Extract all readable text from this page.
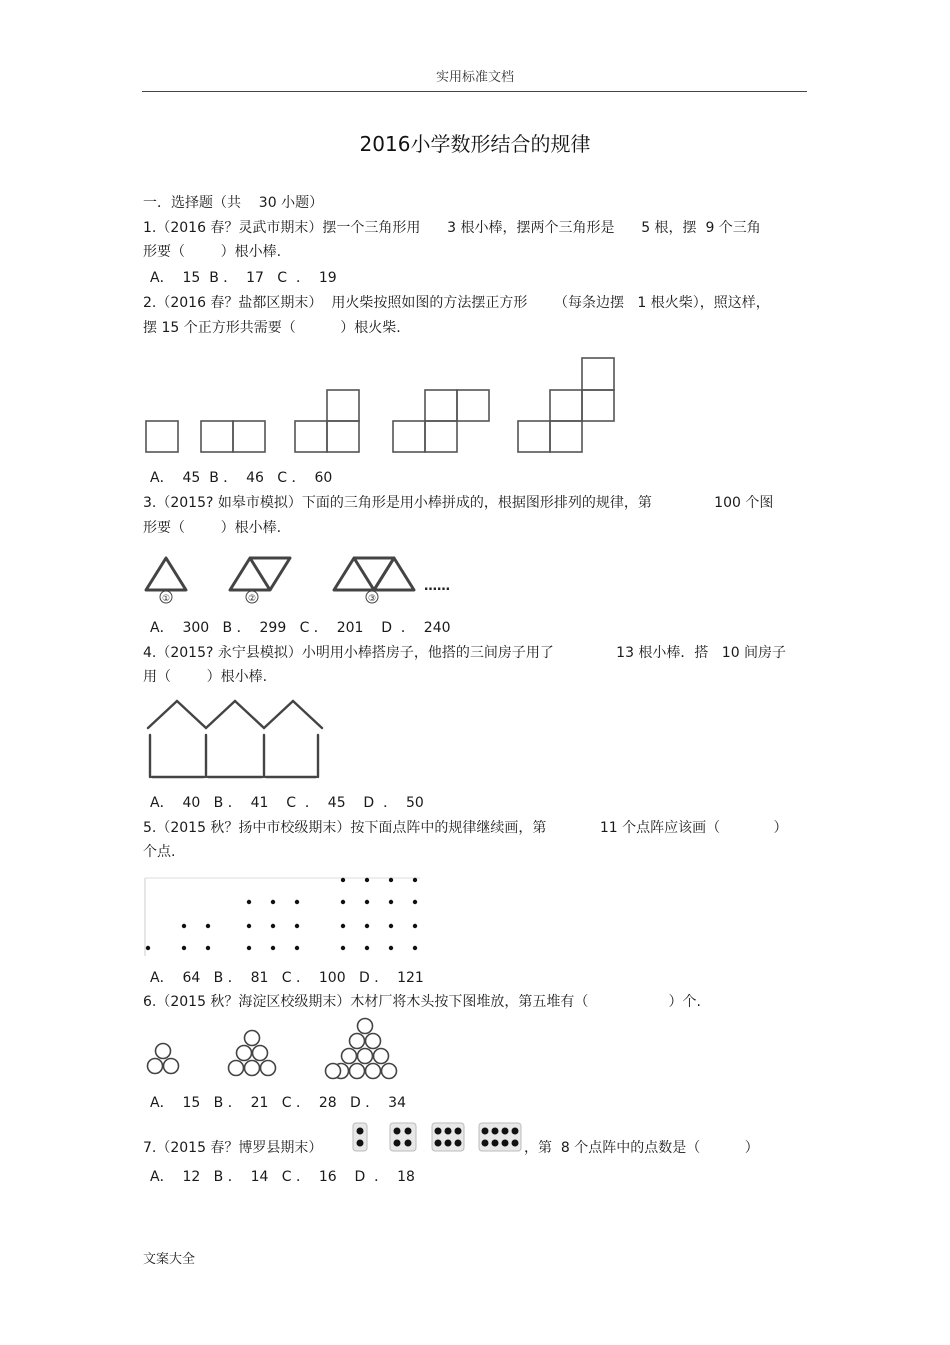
实用标准文档
2016小学数形结合的规律
一．选择题（共    30 小题）
1.（2016 春？灵武市期末）摆一个三角形用      3 根小棒，摆两个三角形是      5 根，摆  9 个三角
形要（        ）根小棒.
A．  15  B ．  17   C  ．  19
2.（2016 春？盐都区期末）  用火柴按照如图的方法摆正方形      （每条边摆   1 根火柴），照这样，
摆 15 个正方形共需要（          ）根火柴.
A．  45  B ．  46   C ．  60
3.（2015? 如皋市模拟）下面的三角形是用小棒拼成的，根据图形排列的规律，第              100 个图
形要（        ）根小棒.
①	②	③
……
A．  300   B ．  299   C ．  201    D  ．  240
4.（2015? 永宁县模拟）小明用小棒搭房子，他搭的三间房子用了              13 根小棒．搭   10 间房子
用（        ）根小棒.
A．  40   B ．  41    C  ．  45    D  ．  50
5.（2015 秋？扬中市校级期末）按下面点阵中的规律继续画，第            11 个点阵应该画（            ）
个点.
A．  64   B ．  81   C ．  100   D ．  121
6.（2015 秋？海淀区校级期末）木材厂将木头按下图堆放，第五堆有（                  ）个.
A．  15   B ．  21   C ．  28   D ．  34
7.（2015 春？博罗县期末）	，第  8 个点阵中的点数是（          ）
A．  12   B ．  14   C ．  16    D  ．  18
文案大全
